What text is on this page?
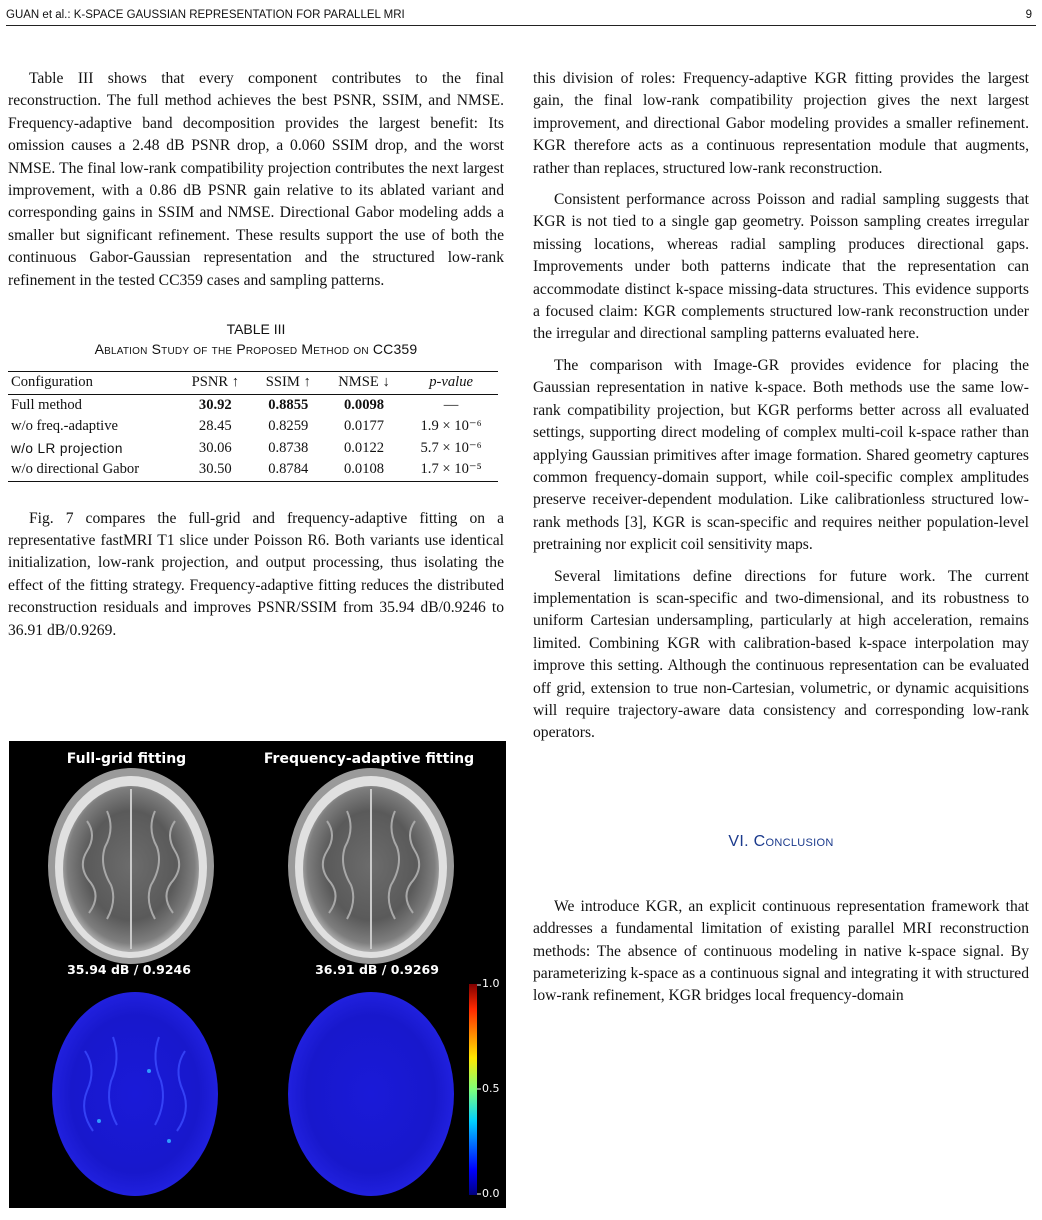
GUAN et al.: K-SPACE GAUSSIAN REPRESENTATION FOR PARALLEL MRI	9

Table III shows that every component contributes to the final reconstruction. The full method achieves the best PSNR, SSIM, and NMSE. Frequency-adaptive band decomposition provides the largest benefit: Its omission causes a 2.48 dB PSNR drop, a 0.060 SSIM drop, and the worst NMSE. The final low-rank compatibility projection contributes the next largest improvement, with a 0.86 dB PSNR gain relative to its ablated variant and corresponding gains in SSIM and NMSE. Directional Gabor modeling adds a smaller but significant refinement. These results support the use of both the continuous Gabor-Gaussian representation and the structured low-rank refinement in the tested CC359 cases and sampling patterns.

TABLE III
Ablation Study of the Proposed Method on CC359
Configuration	PSNR ↑	SSIM ↑	NMSE ↓	p-value
Full method	30.92	0.8855	0.0098	—
w/o freq.-adaptive	28.45	0.8259	0.0177	1.9 × 10⁻⁶
w/o LR projection	30.06	0.8738	0.0122	5.7 × 10⁻⁶
w/o directional Gabor	30.50	0.8784	0.0108	1.7 × 10⁻⁵

Fig. 7 compares the full-grid and frequency-adaptive fitting on a representative fastMRI T1 slice under Poisson R6. Both variants use identical initialization, low-rank projection, and output processing, thus isolating the effect of the fitting strategy. Frequency-adaptive fitting reduces the distributed reconstruction residuals and improves PSNR/SSIM from 35.94 dB/0.9246 to 36.91 dB/0.9269.

Full-grid fitting	Frequency-adaptive fitting
35.94 dB / 0.9246	36.91 dB / 0.9269
1.0
0.5
0.0

this division of roles: Frequency-adaptive KGR fitting provides the largest gain, the final low-rank compatibility projection gives the next largest improvement, and directional Gabor modeling provides a smaller refinement. KGR therefore acts as a continuous representation module that augments, rather than replaces, structured low-rank reconstruction.

Consistent performance across Poisson and radial sampling suggests that KGR is not tied to a single gap geometry. Poisson sampling creates irregular missing locations, whereas radial sampling produces directional gaps. Improvements under both patterns indicate that the representation can accommodate distinct k-space missing-data structures. This evidence supports a focused claim: KGR complements structured low-rank reconstruction under the irregular and directional sampling patterns evaluated here.

The comparison with Image-GR provides evidence for placing the Gaussian representation in native k-space. Both methods use the same low-rank compatibility projection, but KGR performs better across all evaluated settings, supporting direct modeling of complex multi-coil k-space rather than applying Gaussian primitives after image formation. Shared geometry captures common frequency-domain support, while coil-specific complex amplitudes preserve receiver-dependent modulation. Like calibrationless structured low-rank methods [3], KGR is scan-specific and requires neither population-level pretraining nor explicit coil sensitivity maps.

Several limitations define directions for future work. The current implementation is scan-specific and two-dimensional, and its robustness to uniform Cartesian undersampling, particularly at high acceleration, remains limited. Combining KGR with calibration-based k-space interpolation may improve this setting. Although the continuous representation can be evaluated off grid, extension to true non-Cartesian, volumetric, or dynamic acquisitions will require trajectory-aware data consistency and corresponding low-rank operators.

VI. Conclusion

We introduce KGR, an explicit continuous representation framework that addresses a fundamental limitation of existing parallel MRI reconstruction methods: The absence of continuous modeling in native k-space signal. By parameterizing k-space as a continuous signal and integrating it with structured low-rank refinement, KGR bridges local frequency-domain
